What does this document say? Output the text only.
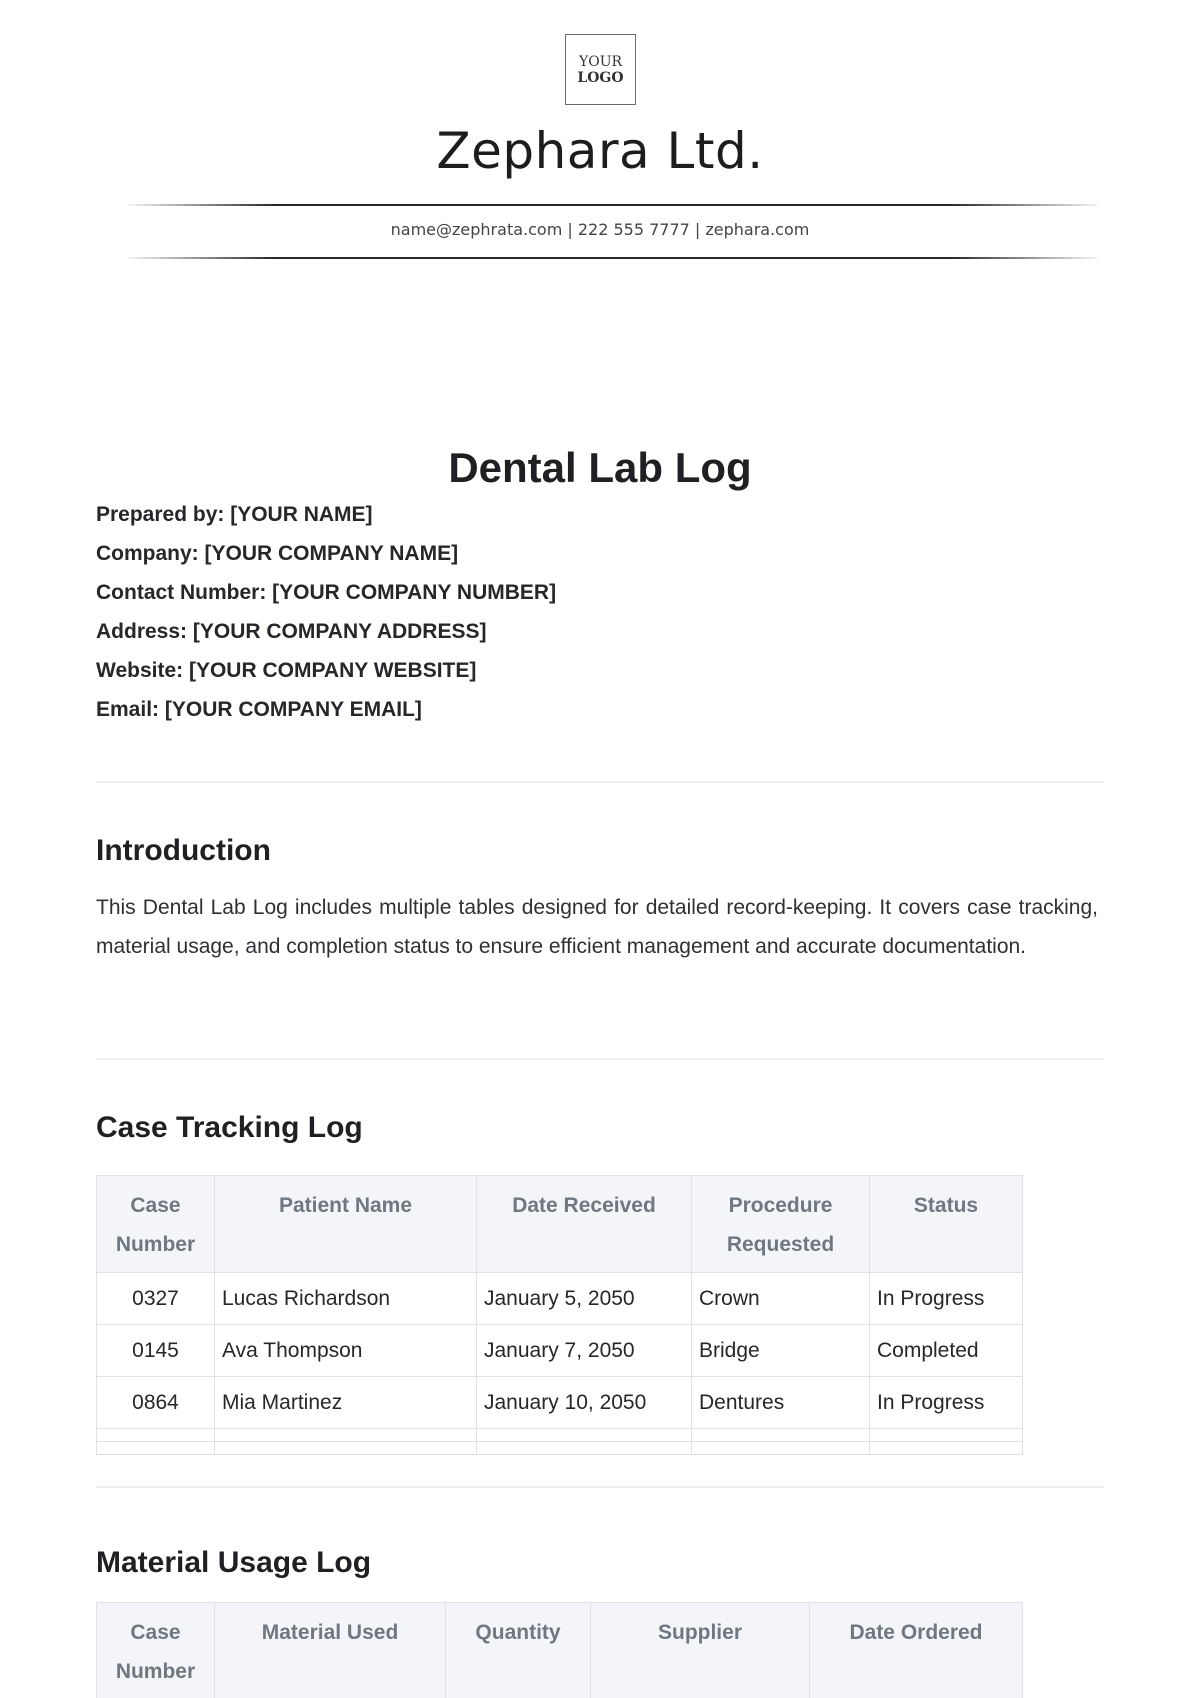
YOUR
LOGO
Zephara Ltd.
name@zephrata.com | 222 555 7777 | zephara.com
Dental Lab Log
Prepared by: [YOUR NAME]
Company: [YOUR COMPANY NAME]
Contact Number: [YOUR COMPANY NUMBER]
Address: [YOUR COMPANY ADDRESS]
Website: [YOUR COMPANY WEBSITE]
Email: [YOUR COMPANY EMAIL]
Introduction
This Dental Lab Log includes multiple tables designed for detailed record-keeping. It covers case tracking, material usage, and completion status to ensure efficient management and accurate documentation.
Case Tracking Log
Case Number	Patient Name	Date Received	Procedure Requested	Status
0327	Lucas Richardson	January 5, 2050	Crown	In Progress
0145	Ava Thompson	January 7, 2050	Bridge	Completed
0864	Mia Martinez	January 10, 2050	Dentures	In Progress

Material Usage Log
Case Number	Material Used	Quantity	Supplier	Date Ordered
